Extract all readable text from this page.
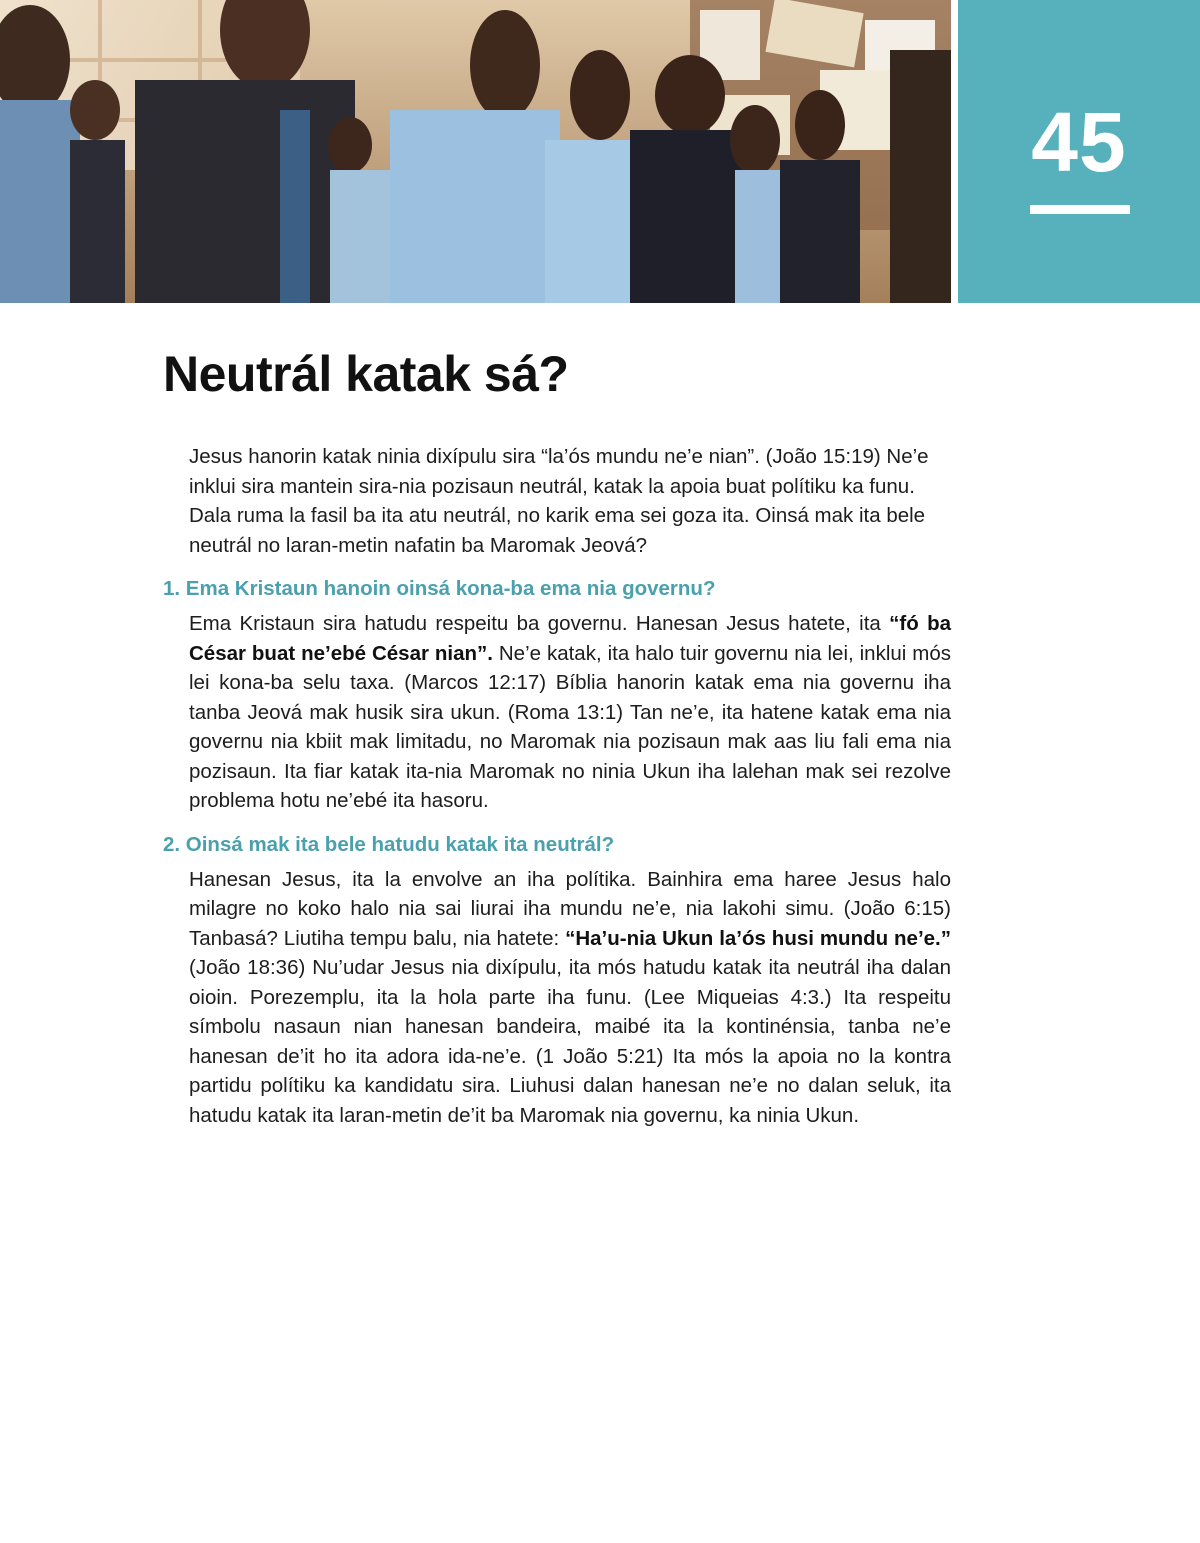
45
Neutrál katak sá?

Jesus hanorin katak ninia dixípulu sira “la’ós mundu ne’e nian”. (João 15:19) Ne’e inklui sira mantein sira-nia pozisaun neutrál, katak la apoia buat polítiku ka funu. Dala ruma la fasil ba ita atu neutrál, no karik ema sei goza ita. Oinsá mak ita bele neutrál no laran-metin nafatin ba Maromak Jeová?

1. Ema Kristaun hanoin oinsá kona-ba ema nia governu?

Ema Kristaun sira hatudu respeitu ba governu. Hanesan Jesus hatete, ita “fó ba César buat ne’ebé César nian”. Ne’e katak, ita halo tuir governu nia lei, inklui mós lei kona-ba selu taxa. (Marcos 12:17) Bíblia hanorin katak ema nia governu iha tanba Jeová mak husik sira ukun. (Roma 13:1) Tan ne’e, ita hatene katak ema nia governu nia kbiit mak limitadu, no Maromak nia pozisaun mak aas liu fali ema nia pozisaun. Ita fiar katak ita-nia Maromak no ninia Ukun iha lalehan mak sei rezolve problema hotu ne’ebé ita hasoru.

2. Oinsá mak ita bele hatudu katak ita neutrál?

Hanesan Jesus, ita la envolve an iha polítika. Bainhira ema haree Jesus halo milagre no koko halo nia sai liurai iha mundu ne’e, nia lakohi simu. (João 6:15) Tanbasá? Liutiha tempu balu, nia hatete: “Ha’u-nia Ukun la’ós husi mundu ne’e.” (João 18:36) Nu’udar Jesus nia dixípulu, ita mós hatudu katak ita neutrál iha dalan oioin. Porezemplu, ita la hola parte iha funu. (Lee Miqueias 4:3.) Ita respeitu símbolu nasaun nian hanesan bandeira, maibé ita la kontinénsia, tanba ne’e hanesan de’it ho ita adora ida-ne’e. (1 João 5:21) Ita mós la apoia no la kontra partidu polítiku ka kandidatu sira. Liuhusi dalan hanesan ne’e no dalan seluk, ita hatudu katak ita laran-metin de’it ba Maromak nia governu, ka ninia Ukun.
